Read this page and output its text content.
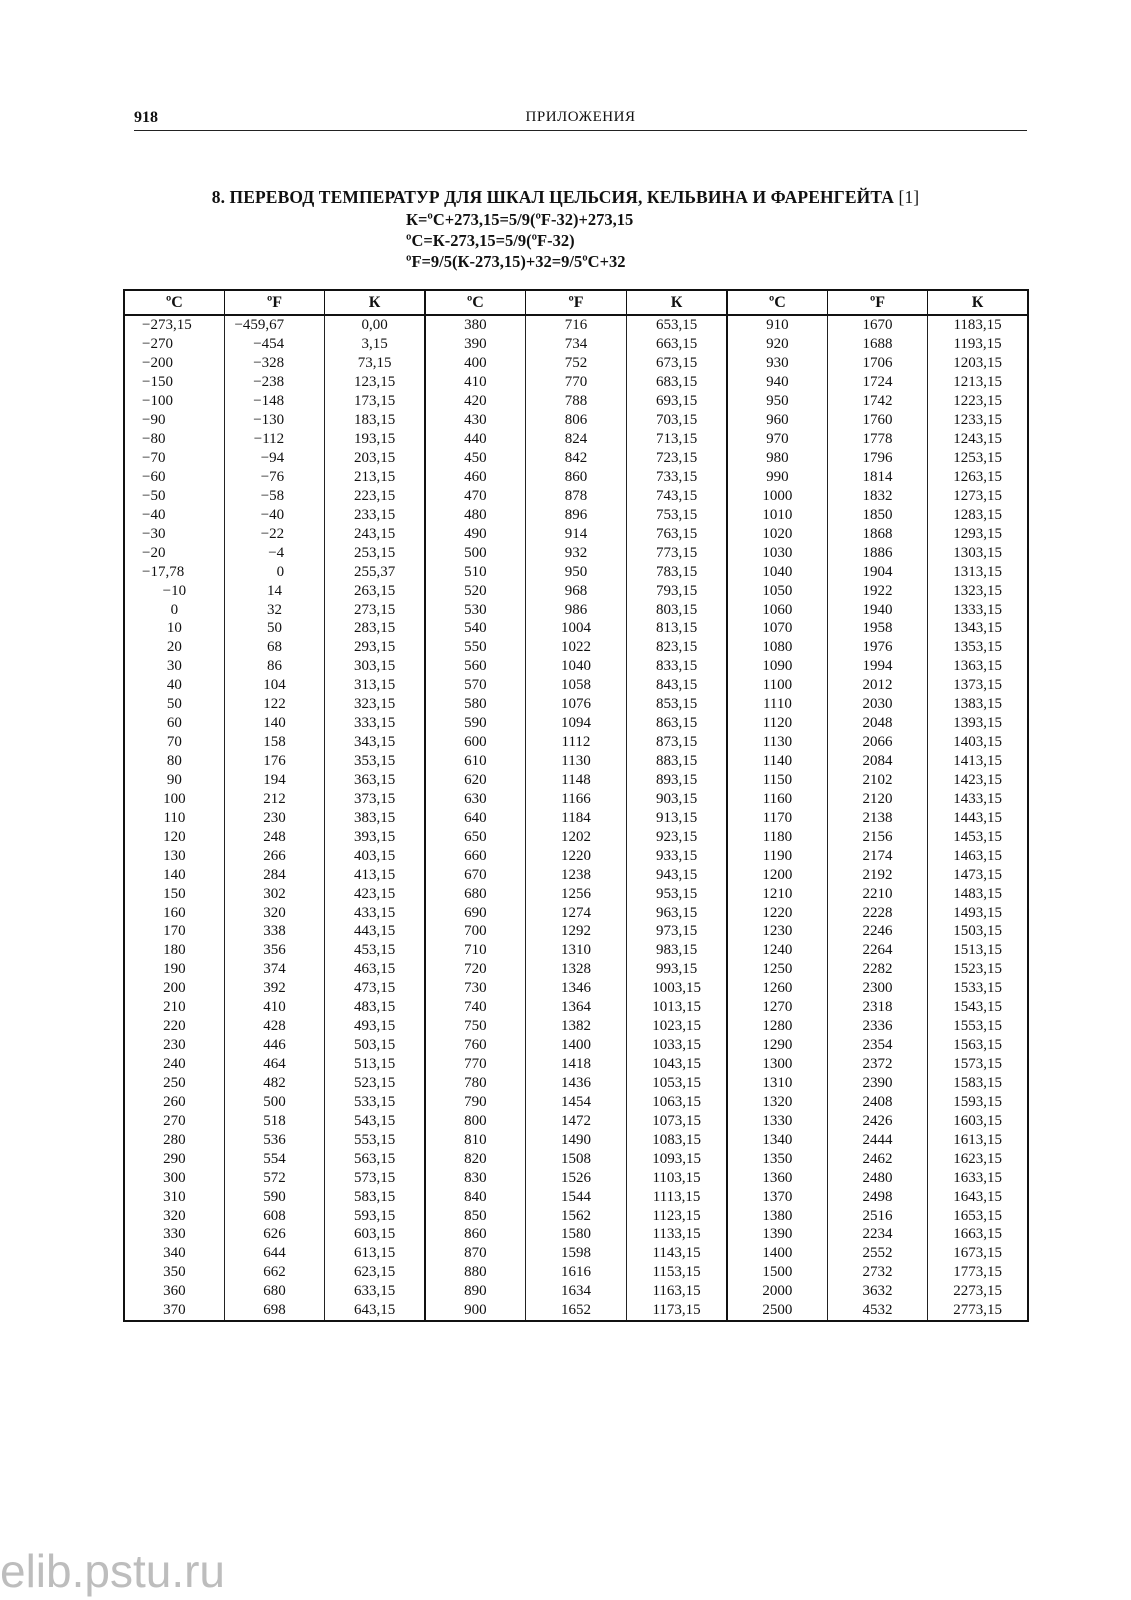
918	ПРИЛОЖЕНИЯ
8. ПЕРЕВОД ТЕМПЕРАТУР ДЛЯ ШКАЛ ЦЕЛЬСИЯ, КЕЛЬВИНА И ФАРЕНГЕЙТА [1]
К=ºС+273,15=5/9(ºF-32)+273,15
ºС=К-273,15=5/9(ºF-32)
ºF=9/5(К-273,15)+32=9/5ºС+32
ºС	ºF	К	ºС	ºF	К	ºС	ºF	К
−273,15	−459,67	0,00	380	716	653,15	910	1670	1183,15
−270	−454	3,15	390	734	663,15	920	1688	1193,15
−200	−328	73,15	400	752	673,15	930	1706	1203,15
−150	−238	123,15	410	770	683,15	940	1724	1213,15
−100	−148	173,15	420	788	693,15	950	1742	1223,15
−90	−130	183,15	430	806	703,15	960	1760	1233,15
−80	−112	193,15	440	824	713,15	970	1778	1243,15
−70	−94	203,15	450	842	723,15	980	1796	1253,15
−60	−76	213,15	460	860	733,15	990	1814	1263,15
−50	−58	223,15	470	878	743,15	1000	1832	1273,15
−40	−40	233,15	480	896	753,15	1010	1850	1283,15
−30	−22	243,15	490	914	763,15	1020	1868	1293,15
−20	−4	253,15	500	932	773,15	1030	1886	1303,15
−17,78	0	255,37	510	950	783,15	1040	1904	1313,15
−10	14	263,15	520	968	793,15	1050	1922	1323,15
0	32	273,15	530	986	803,15	1060	1940	1333,15
10	50	283,15	540	1004	813,15	1070	1958	1343,15
20	68	293,15	550	1022	823,15	1080	1976	1353,15
30	86	303,15	560	1040	833,15	1090	1994	1363,15
40	104	313,15	570	1058	843,15	1100	2012	1373,15
50	122	323,15	580	1076	853,15	1110	2030	1383,15
60	140	333,15	590	1094	863,15	1120	2048	1393,15
70	158	343,15	600	1112	873,15	1130	2066	1403,15
80	176	353,15	610	1130	883,15	1140	2084	1413,15
90	194	363,15	620	1148	893,15	1150	2102	1423,15
100	212	373,15	630	1166	903,15	1160	2120	1433,15
110	230	383,15	640	1184	913,15	1170	2138	1443,15
120	248	393,15	650	1202	923,15	1180	2156	1453,15
130	266	403,15	660	1220	933,15	1190	2174	1463,15
140	284	413,15	670	1238	943,15	1200	2192	1473,15
150	302	423,15	680	1256	953,15	1210	2210	1483,15
160	320	433,15	690	1274	963,15	1220	2228	1493,15
170	338	443,15	700	1292	973,15	1230	2246	1503,15
180	356	453,15	710	1310	983,15	1240	2264	1513,15
190	374	463,15	720	1328	993,15	1250	2282	1523,15
200	392	473,15	730	1346	1003,15	1260	2300	1533,15
210	410	483,15	740	1364	1013,15	1270	2318	1543,15
220	428	493,15	750	1382	1023,15	1280	2336	1553,15
230	446	503,15	760	1400	1033,15	1290	2354	1563,15
240	464	513,15	770	1418	1043,15	1300	2372	1573,15
250	482	523,15	780	1436	1053,15	1310	2390	1583,15
260	500	533,15	790	1454	1063,15	1320	2408	1593,15
270	518	543,15	800	1472	1073,15	1330	2426	1603,15
280	536	553,15	810	1490	1083,15	1340	2444	1613,15
290	554	563,15	820	1508	1093,15	1350	2462	1623,15
300	572	573,15	830	1526	1103,15	1360	2480	1633,15
310	590	583,15	840	1544	1113,15	1370	2498	1643,15
320	608	593,15	850	1562	1123,15	1380	2516	1653,15
330	626	603,15	860	1580	1133,15	1390	2234	1663,15
340	644	613,15	870	1598	1143,15	1400	2552	1673,15
350	662	623,15	880	1616	1153,15	1500	2732	1773,15
360	680	633,15	890	1634	1163,15	2000	3632	2273,15
370	698	643,15	900	1652	1173,15	2500	4532	2773,15
elib.pstu.ru
